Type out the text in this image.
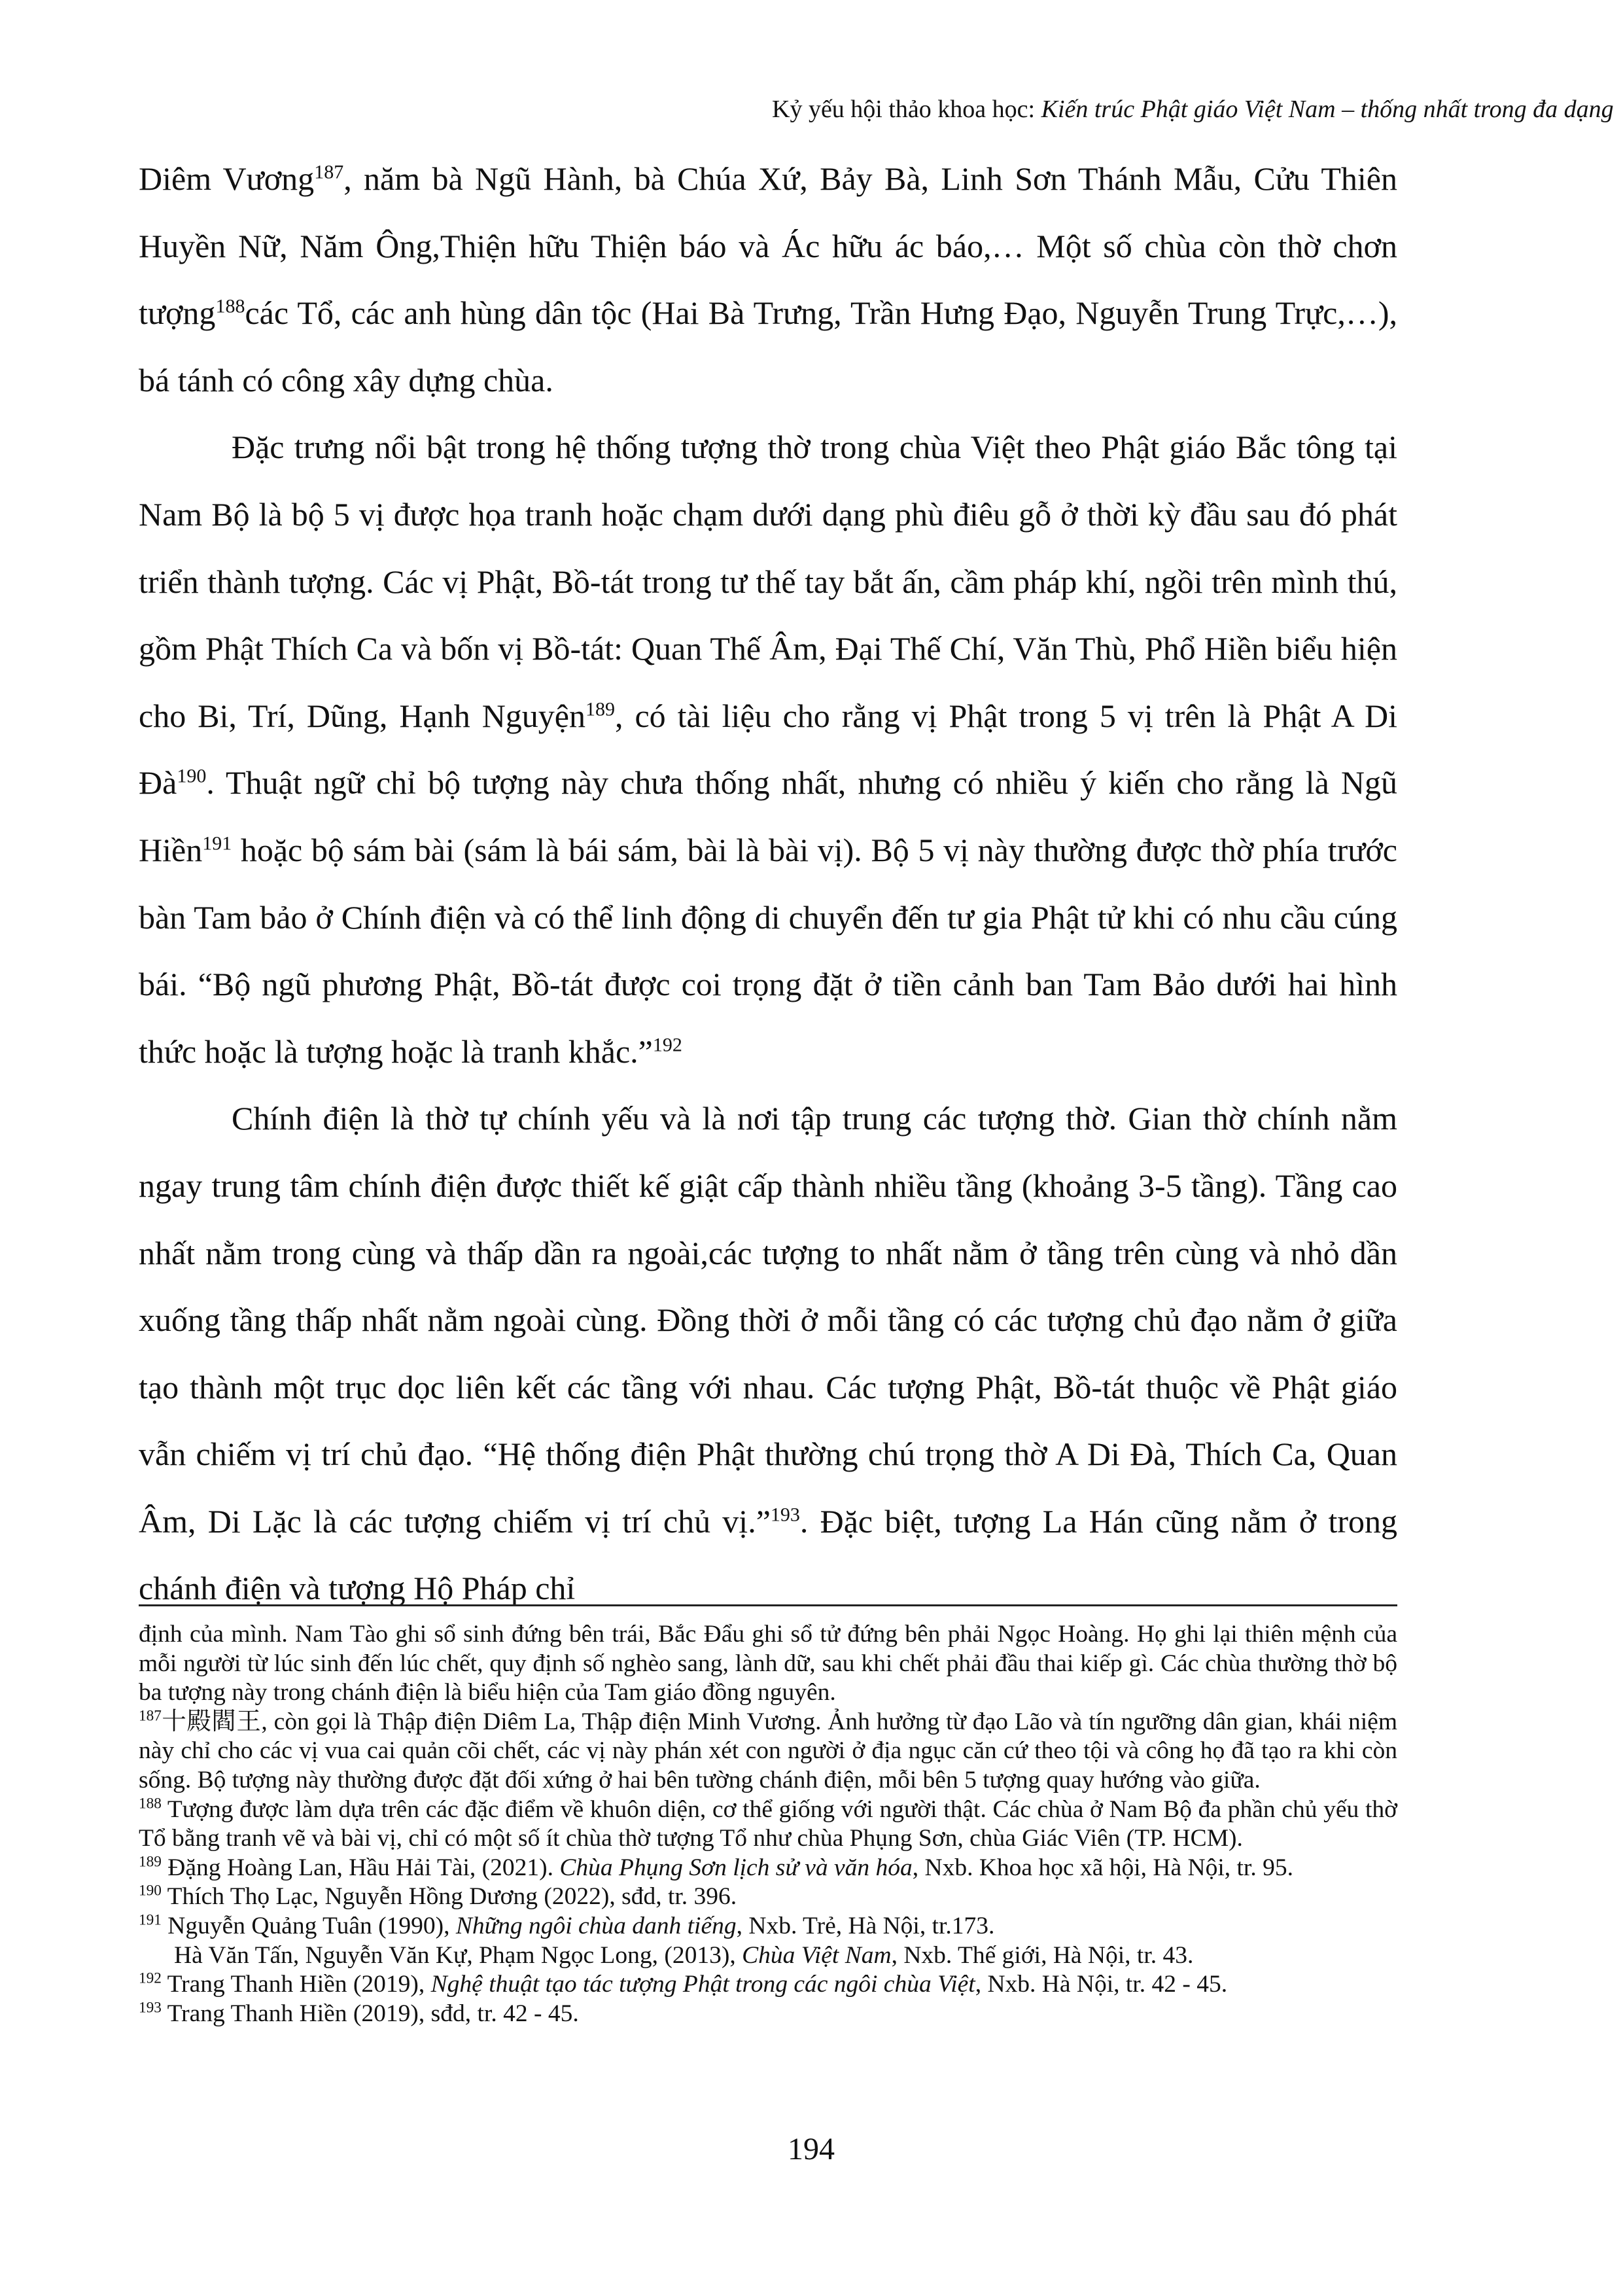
Kỷ yếu hội thảo khoa học: Kiến trúc Phật giáo Việt Nam – thống nhất trong đa dạng

Diêm Vương$^{187}$, năm bà Ngũ Hành, bà Chúa Xứ, Bảy Bà, Linh Sơn Thánh Mẫu, Cửu Thiên Huyền Nữ, Năm Ông,Thiện hữu Thiện báo và Ác hữu ác báo,… Một số chùa còn thờ chơn tượng$^{188}$các Tổ, các anh hùng dân tộc (Hai Bà Trưng, Trần Hưng Đạo, Nguyễn Trung Trực,…), bá tánh có công xây dựng chùa.

Đặc trưng nổi bật trong hệ thống tượng thờ trong chùa Việt theo Phật giáo Bắc tông tại Nam Bộ là bộ 5 vị được họa tranh hoặc chạm dưới dạng phù điêu gỗ ở thời kỳ đầu sau đó phát triển thành tượng. Các vị Phật, Bồ-tát trong tư thế tay bắt ấn, cầm pháp khí, ngồi trên mình thú, gồm Phật Thích Ca và bốn vị Bồ-tát: Quan Thế Âm, Đại Thế Chí, Văn Thù, Phổ Hiền biểu hiện cho Bi, Trí, Dũng, Hạnh Nguyện$^{189}$, có tài liệu cho rằng vị Phật trong 5 vị trên là Phật A Di $Đà^{190}$. Thuật ngữ chỉ bộ tượng này chưa thống nhất, nhưng có nhiều ý kiến cho rằng là Ngũ Hiền$^{191}$ hoặc bộ sám bài (sám là bái sám, bài là bài vị). Bộ 5 vị này thường được thờ phía trước bàn Tam bảo ở Chính điện và có thể linh động di chuyển đến tư gia Phật tử khi có nhu cầu cúng bái. “Bộ ngũ phương Phật, Bồ-tát được coi trọng đặt ở tiền cảnh ban Tam Bảo dưới hai hình thức hoặc là tượng hoặc là tranh khắc.”$^{192}$

Chính điện là thờ tự chính yếu và là nơi tập trung các tượng thờ. Gian thờ chính nằm ngay trung tâm chính điện được thiết kế giật cấp thành nhiều tầng (khoảng 3-5 tầng). Tầng cao nhất nằm trong cùng và thấp dần ra ngoài,các tượng to nhất nằm ở tầng trên cùng và nhỏ dần xuống tầng thấp nhất nằm ngoài cùng. Đồng thời ở mỗi tầng có các tượng chủ đạo nằm ở giữa tạo thành một trục dọc liên kết các tầng với nhau. Các tượng Phật, Bồ-tát thuộc về Phật giáo vẫn chiếm vị trí chủ đạo. “Hệ thống điện Phật thường chú trọng thờ A Di Đà, Thích Ca, Quan Âm, Di Lặc là các tượng chiếm vị trí chủ vị.”$^{193}$. Đặc biệt, tượng La Hán cũng nằm ở trong chánh điện và tượng Hộ Pháp chỉ

định của mình. Nam Tào ghi sổ sinh đứng bên trái, Bắc Đẩu ghi sổ tử đứng bên phải Ngọc Hoàng. Họ ghi lại thiên mệnh của mỗi người từ lúc sinh đến lúc chết, quy định số nghèo sang, lành dữ, sau khi chết phải đầu thai kiếp gì. Các chùa thường thờ bộ ba tượng này trong chánh điện là biểu hiện của Tam giáo đồng nguyên.

$^{187}$十殿閻王, còn gọi là Thập điện Diêm La, Thập điện Minh Vương. Ảnh hưởng từ đạo Lão và tín ngưỡng dân gian, khái niệm này chỉ cho các vị vua cai quản cõi chết, các vị này phán xét con người ở địa ngục căn cứ theo tội và công họ đã tạo ra khi còn sống. Bộ tượng này thường được đặt đối xứng ở hai bên tường chánh điện, mỗi bên 5 tượng quay hướng vào giữa.

$^{188}$ Tượng được làm dựa trên các đặc điểm về khuôn diện, cơ thể giống với người thật. Các chùa ở Nam Bộ đa phần chủ yếu thờ Tổ bằng tranh vẽ và bài vị, chỉ có một số ít chùa thờ tượng Tổ như chùa Phụng Sơn, chùa Giác Viên (TP. HCM).

$^{189}$ Đặng Hoàng Lan, Hầu Hải Tài, (2021). Chùa Phụng Sơn lịch sử và văn hóa, Nxb. Khoa học xã hội, Hà Nội, tr. 95.

$^{190}$ Thích Thọ Lạc, Nguyễn Hồng Dương (2022), sđd, tr. 396.

$^{191}$ Nguyễn Quảng Tuân (1990), Những ngôi chùa danh tiếng, Nxb. Trẻ, Hà Nội, tr.173.

Hà Văn Tấn, Nguyễn Văn Kự, Phạm Ngọc Long, (2013), Chùa Việt Nam, Nxb. Thế giới, Hà Nội, tr. 43.

$^{192}$ Trang Thanh Hiền (2019), Nghệ thuật tạo tác tượng Phật trong các ngôi chùa Việt, Nxb. Hà Nội, tr. 42 - 45.

$^{193}$ Trang Thanh Hiền (2019), sđd, tr. 42 - 45.

194
